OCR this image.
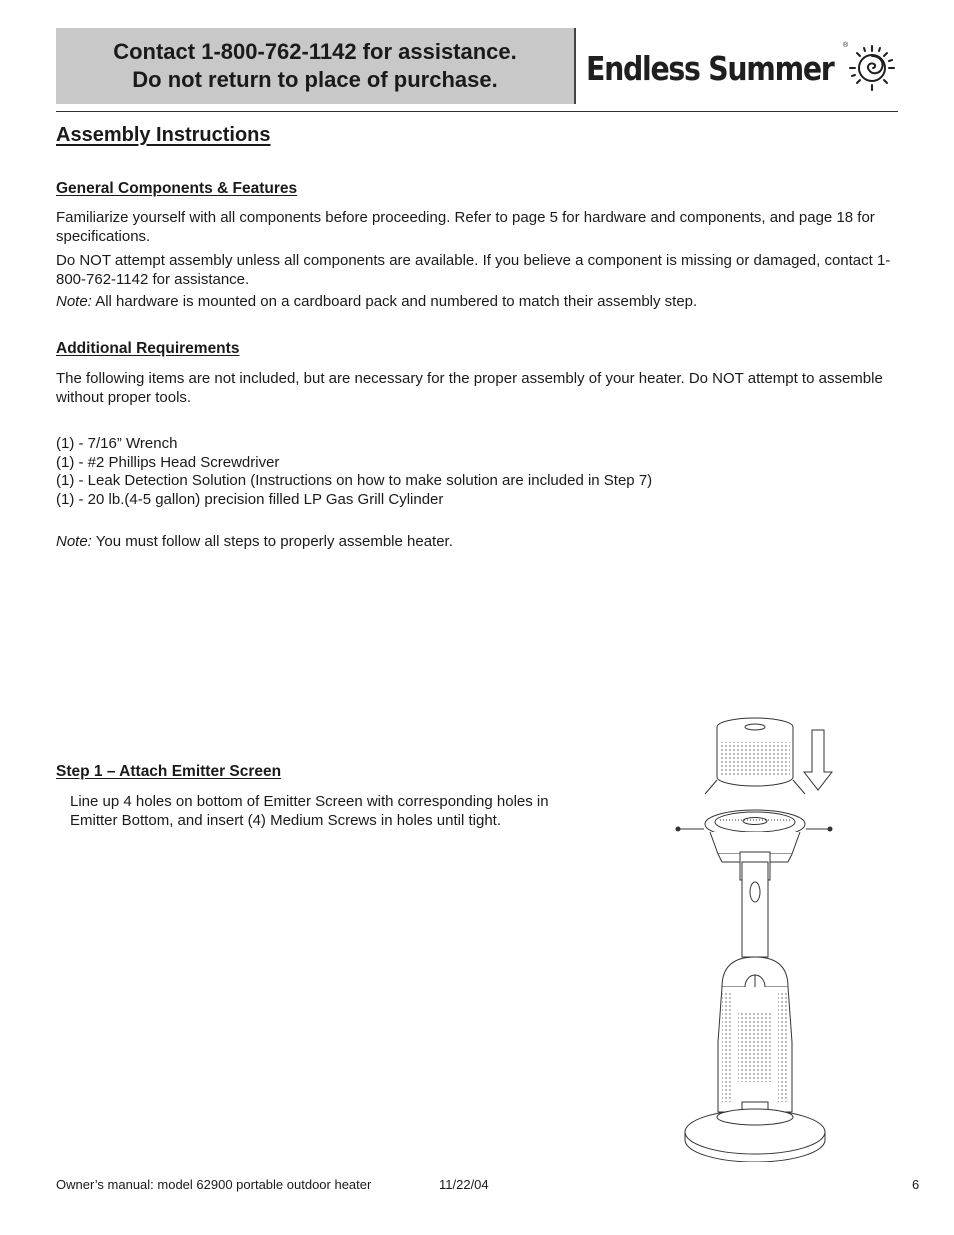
Contact 1-800-762-1142 for assistance.
Do not return to place of purchase.	Endless Summer
®
Assembly Instructions
General Components & Features
Familiarize yourself with all components before proceeding. Refer to page 5 for hardware and components, and page 18 for specifications.
Do NOT attempt assembly unless all components are available. If you believe a component is missing or damaged, contact 1-800-762-1142 for assistance.
Note: All hardware is mounted on a cardboard pack and numbered to match their assembly step.
Additional Requirements
The following items are not included, but are necessary for the proper assembly of your heater. Do NOT attempt to assemble without proper tools.
(1) - 7/16” Wrench
(1) - #2 Phillips Head Screwdriver
(1) - Leak Detection Solution (Instructions on how to make solution are included in Step 7)
(1) - 20 lb.(4-5 gallon) precision filled LP Gas Grill Cylinder
Note: You must follow all steps to properly assemble heater.
Step 1 – Attach Emitter Screen
Line up 4 holes on bottom of Emitter Screen with corresponding holes in Emitter Bottom, and insert (4) Medium Screws in holes until tight.
Owner’s manual: model 62900 portable outdoor heater	11/22/04	6
